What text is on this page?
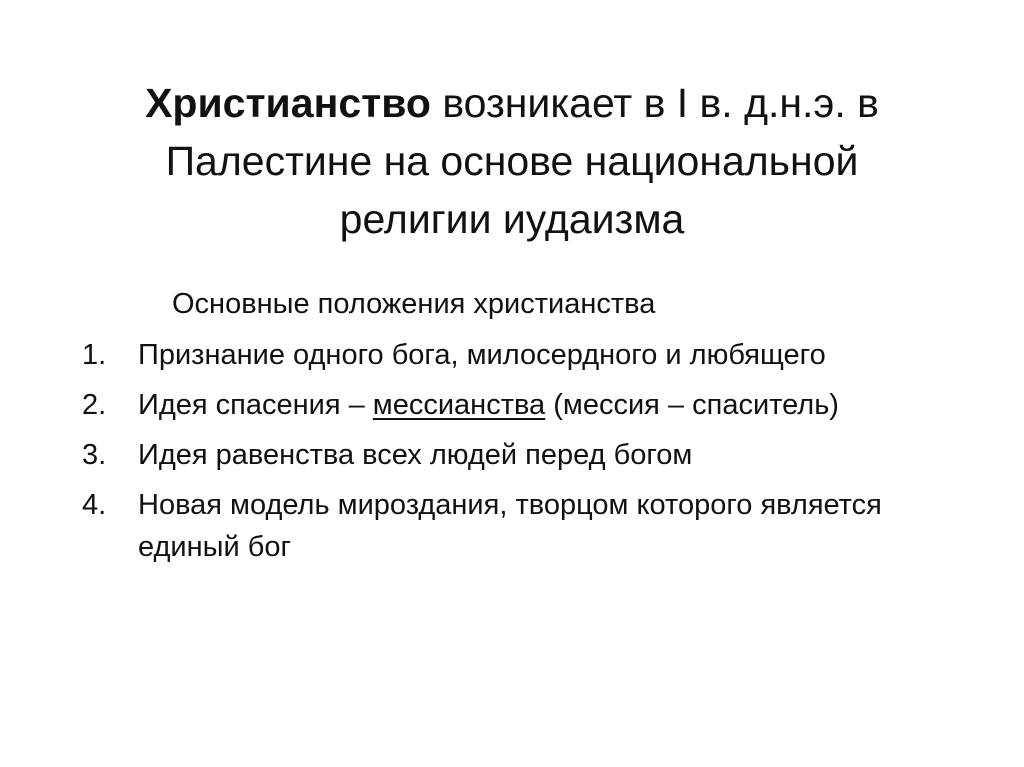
Христианство возникает в I в. д.н.э. в
Палестине на основе национальной
религии иудаизма
Основные положения христианства
1. Признание одного бога, милосердного и любящего
2. Идея спасения – мессианства (месcия – спаситель)
3. Идея равенства всех людей перед богом
4. Новая модель мироздания, творцом которого является единый бог
